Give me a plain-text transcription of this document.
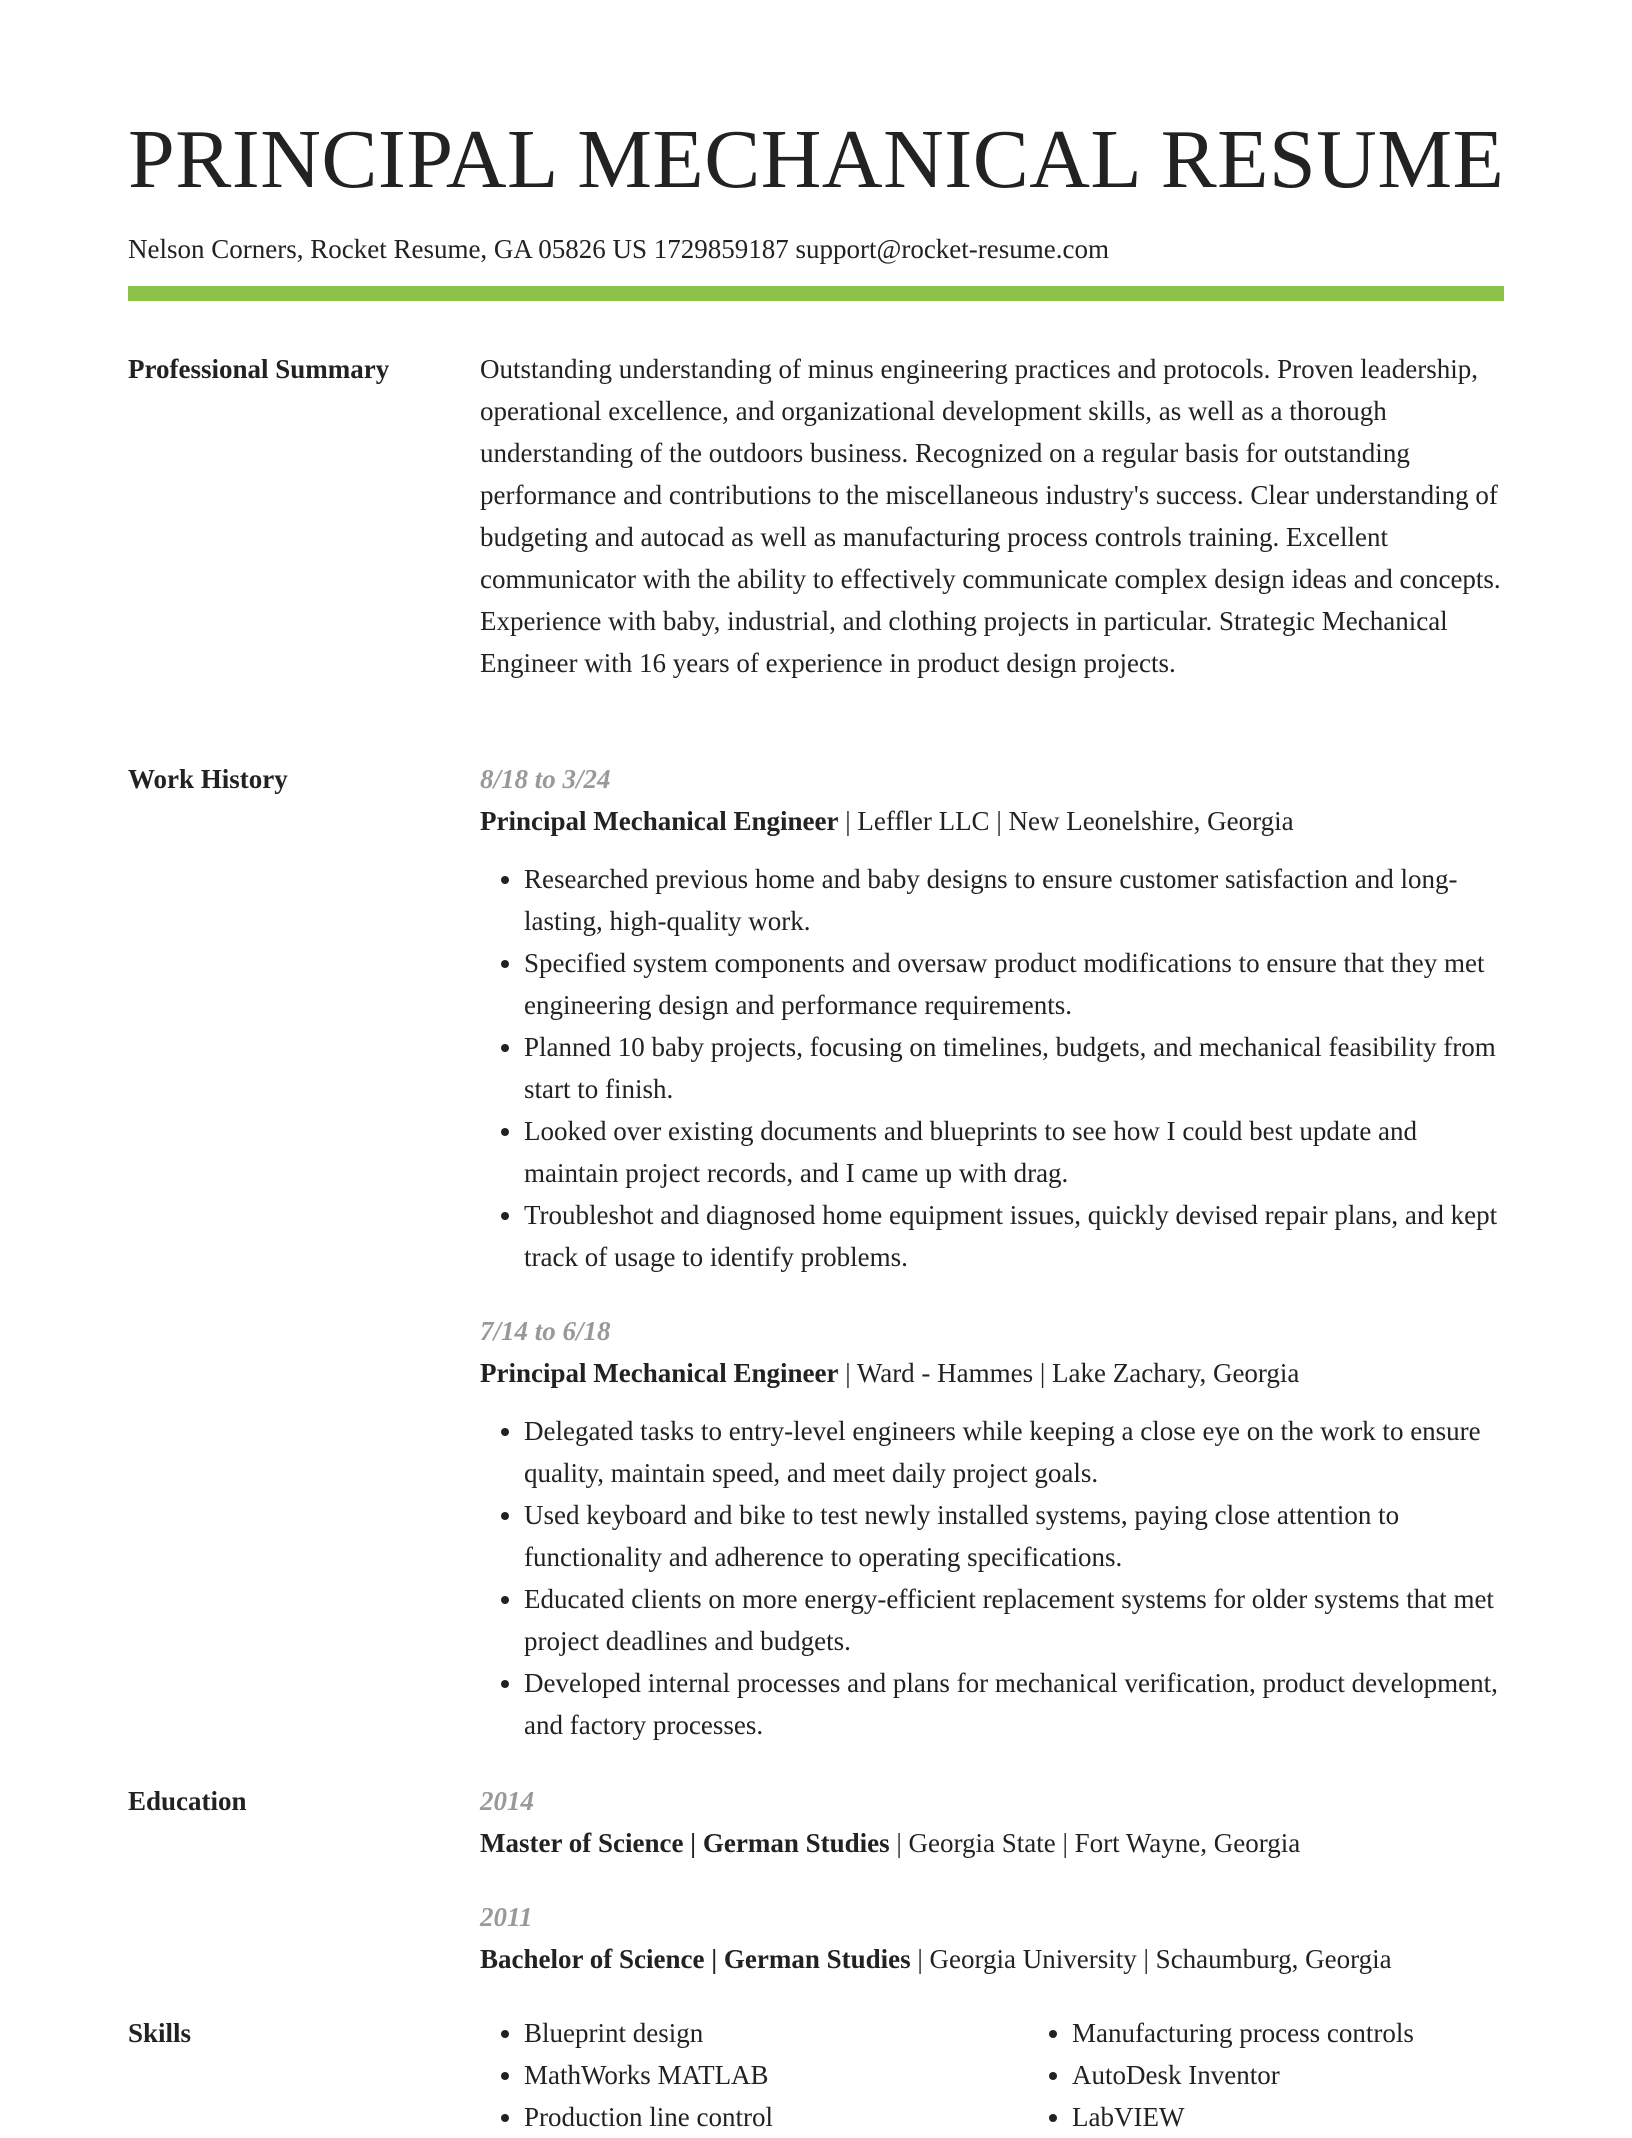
PRINCIPAL MECHANICAL RESUME
Nelson Corners, Rocket Resume, GA 05826 US 1729859187 support@rocket-resume.com
Professional Summary	Outstanding understanding of minus engineering practices and protocols. Proven leadership, operational excellence, and organizational development skills, as well as a thorough understanding of the outdoors business. Recognized on a regular basis for outstanding performance and contributions to the miscellaneous industry's success. Clear understanding of budgeting and autocad as well as manufacturing process controls training. Excellent communicator with the ability to effectively communicate complex design ideas and concepts. Experience with baby, industrial, and clothing projects in particular. Strategic Mechanical Engineer with 16 years of experience in product design projects.

Work History	8/18 to 3/24
Principal Mechanical Engineer | Leffler LLC | New Leonelshire, Georgia
• Researched previous home and baby designs to ensure customer satisfaction and long-lasting, high-quality work.
• Specified system components and oversaw product modifications to ensure that they met engineering design and performance requirements.
• Planned 10 baby projects, focusing on timelines, budgets, and mechanical feasibility from start to finish.
• Looked over existing documents and blueprints to see how I could best update and maintain project records, and I came up with drag.
• Troubleshot and diagnosed home equipment issues, quickly devised repair plans, and kept track of usage to identify problems.
7/14 to 6/18
Principal Mechanical Engineer | Ward - Hammes | Lake Zachary, Georgia
• Delegated tasks to entry-level engineers while keeping a close eye on the work to ensure quality, maintain speed, and meet daily project goals.
• Used keyboard and bike to test newly installed systems, paying close attention to functionality and adherence to operating specifications.
• Educated clients on more energy-efficient replacement systems for older systems that met project deadlines and budgets.
• Developed internal processes and plans for mechanical verification, product development, and factory processes.
Education	2014
Master of Science | German Studies | Georgia State | Fort Wayne, Georgia
2011
Bachelor of Science | German Studies | Georgia University | Schaumburg, Georgia
Skills
•	Blueprint design
• MathWorks MATLAB
• Production line control
• Manufacturing process controls
• AutoDesk Inventor
• LabVIEW
